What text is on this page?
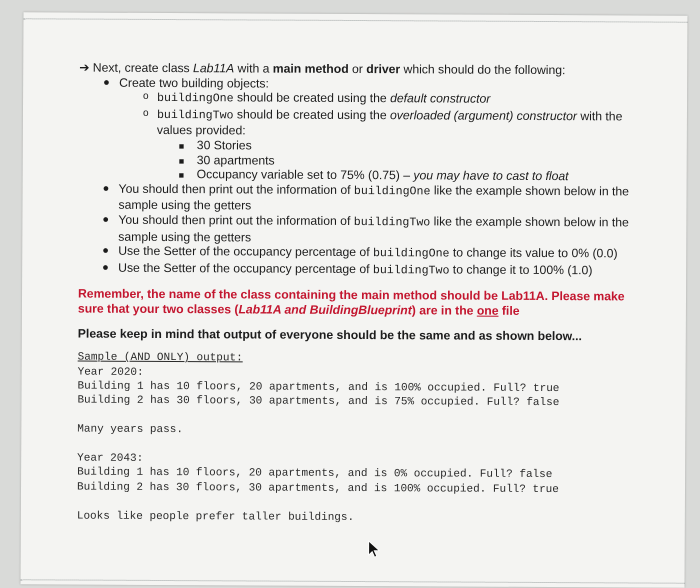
➔ Next, create class Lab11A with a main method or driver which should do the following:
● Create two building objects:
o buildingOne should be created using the default constructor
o buildingTwo should be created using the overloaded (argument) constructor with the
values provided:
■ 30 Stories
■ 30 apartments
■ Occupancy variable set to 75% (0.75) – you may have to cast to float
● You should then print out the information of buildingOne like the example shown below in the
sample using the getters
● You should then print out the information of buildingTwo like the example shown below in the
sample using the getters
● Use the Setter of the occupancy percentage of buildingOne to change its value to 0% (0.0)
● Use the Setter of the occupancy percentage of buildingTwo to change it to 100% (1.0)
Remember, the name of the class containing the main method should be Lab11A. Please make
sure that your two classes (Lab11A and BuildingBlueprint) are in the one file
Please keep in mind that output of everyone should be the same and as shown below...
Sample (AND ONLY) output:
Year 2020:
Building 1 has 10 floors, 20 apartments, and is 100% occupied. Full? true
Building 2 has 30 floors, 30 apartments, and is 75% occupied. Full? false
Many years pass.
Year 2043:
Building 1 has 10 floors, 20 apartments, and is 0% occupied. Full? false
Building 2 has 30 floors, 30 apartments, and is 100% occupied. Full? true
Looks like people prefer taller buildings.
